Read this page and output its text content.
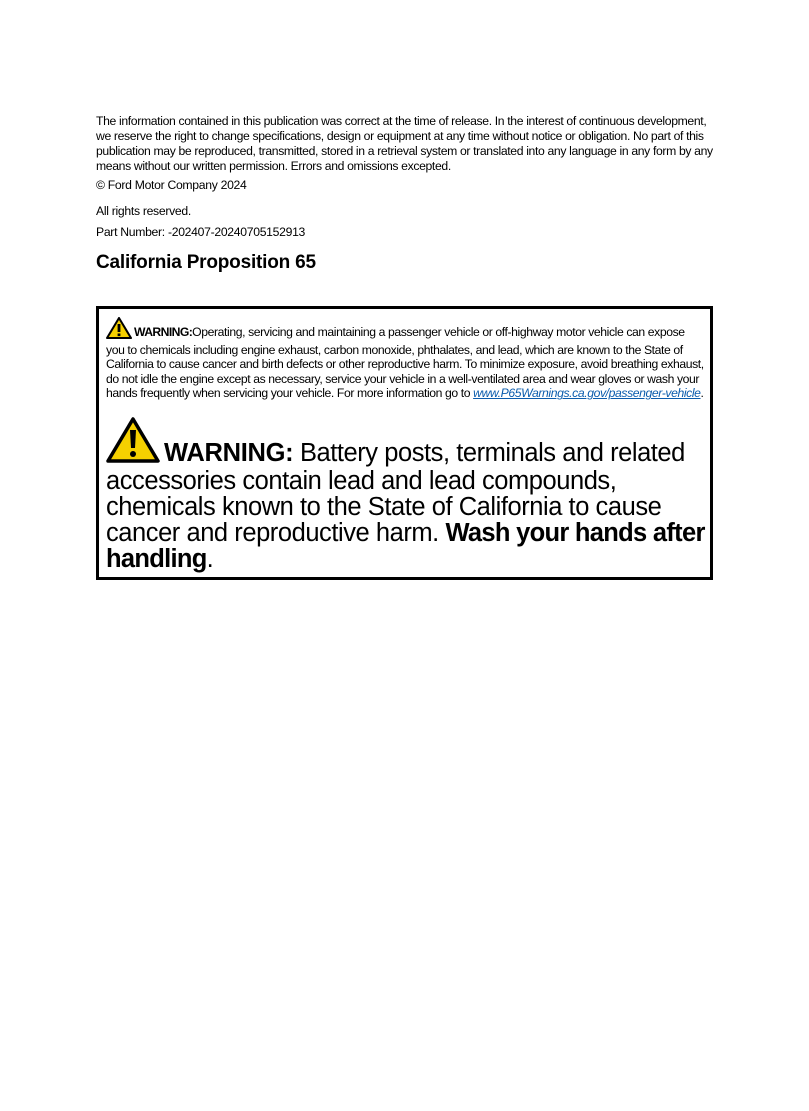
The information contained in this publication was correct at the time of release. In the interest of continuous development, we reserve the right to change specifications, design or equipment at any time without notice or obligation. No part of this publication may be reproduced, transmitted, stored in a retrieval system or translated into any language in any form by any means without our written permission. Errors and omissions excepted.

© Ford Motor Company 2024

All rights reserved.

Part Number: -202407-20240705152913

California Proposition 65

WARNING:Operating, servicing and maintaining a passenger vehicle or off-highway motor vehicle can expose you to chemicals including engine exhaust, carbon monoxide, phthalates, and lead, which are known to the State of California to cause cancer and birth defects or other reproductive harm. To minimize exposure, avoid breathing exhaust, do not idle the engine except as necessary, service your vehicle in a well-ventilated area and wear gloves or wash your hands frequently when servicing your vehicle. For more information go to www.P65Warnings.ca.gov/passenger-vehicle.

WARNING: Battery posts, terminals and related accessories contain lead and lead compounds, chemicals known to the State of California to cause cancer and reproductive harm. Wash your hands after handling.
